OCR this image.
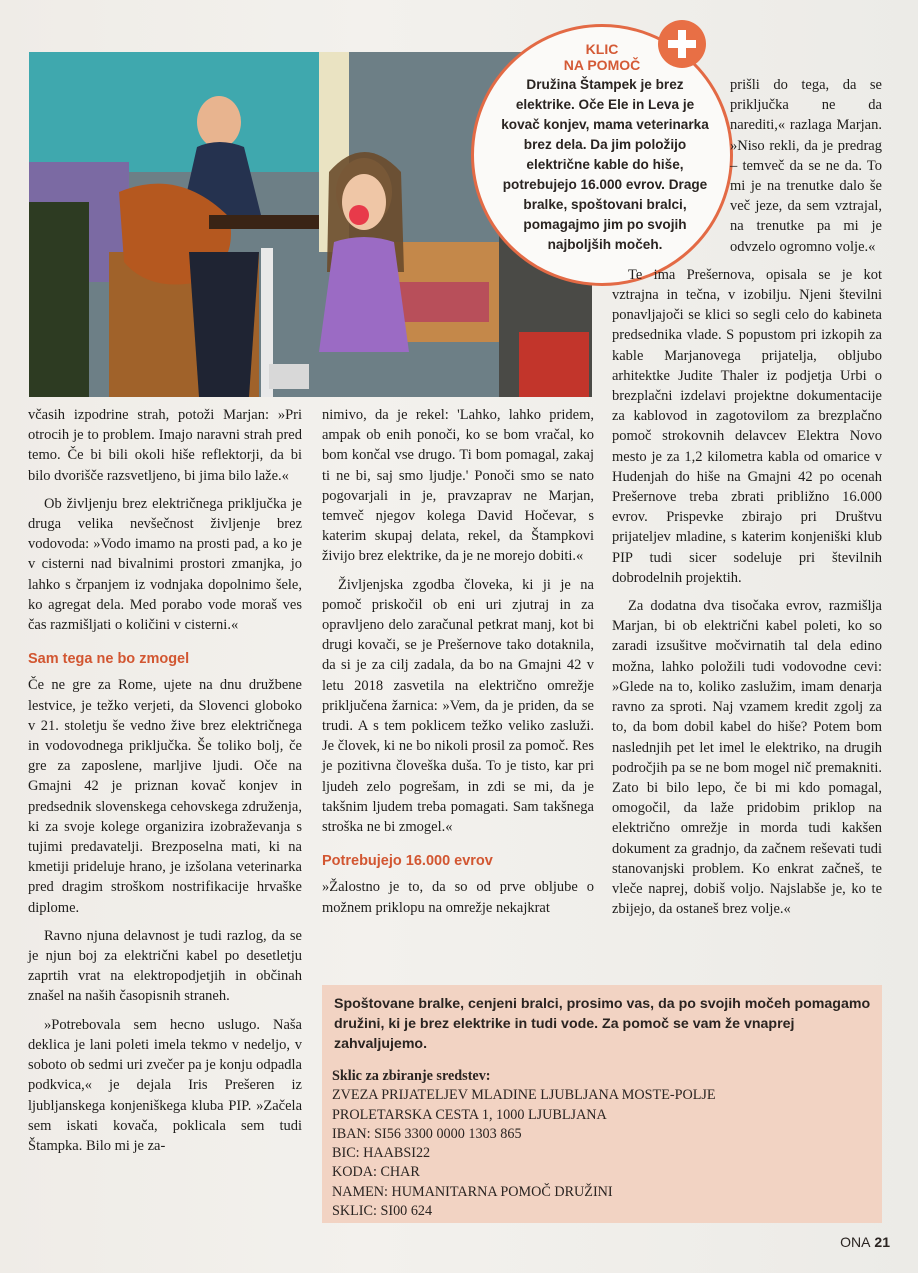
KLIC
NA POMOČ
Družina Štampek je brez elektrike. Oče Ele in Leva je kovač konjev, mama veterinarka brez dela. Da jim položijo električne kable do hiše, potrebujejo 16.000 evrov. Drage bralke, spoštovani bralci, pomagajmo jim po svojih najboljših močeh.

včasih izpodrine strah, potoži Marjan: »Pri otrocih je to problem. Imajo naravni strah pred temo. Če bi bili okoli hiše reflektorji, da bi bilo dvorišče razsvetljeno, bi jima bilo laže.«

Ob življenju brez električnega priključka je druga velika nevšečnost življenje brez vodovoda: »Vodo imamo na prosti pad, a ko je v cisterni nad bivalnimi prostori zmanjka, jo lahko s črpanjem iz vodnjaka dopolnimo šele, ko agregat dela. Med porabo vode moraš ves čas razmišljati o količini v cisterni.«

Sam tega ne bo zmogel

Če ne gre za Rome, ujete na dnu družbene lestvice, je težko verjeti, da Slovenci globoko v 21. stoletju še vedno žive brez električnega in vodovodnega priključka. Še toliko bolj, če gre za zaposlene, marljive ljudi. Oče na Gmajni 42 je priznan kovač konjev in predsednik slovenskega cehovskega združenja, ki za svoje kolege organizira izobraževanja s tujimi predavatelji. Brezposelna mati, ki na kmetiji prideluje hrano, je izšolana veterinarka pred dragim stroškom nostrifikacije hrvaške diplome.

Ravno njuna delavnost je tudi razlog, da se je njun boj za električni kabel po desetletju zaprtih vrat na elektropodjetjih in občinah znašel na naših časopisnih straneh.

»Potrebovala sem hecno uslugo. Naša deklica je lani poleti imela tekmo v nedeljo, v soboto ob sedmi uri zvečer pa je konju odpadla podkvica,« je dejala Iris Prešeren iz ljubljanskega konjeniškega kluba PIP. »Začela sem iskati kovača, poklicala sem tudi Štampka. Bilo mi je za-

nimivo, da je rekel: 'Lahko, lahko pridem, ampak ob enih ponoči, ko se bom vračal, ko bom končal vse drugo. Ti bom pomagal, zakaj ti ne bi, saj smo ljudje.' Ponoči smo se nato pogovarjali in je, pravzaprav ne Marjan, temveč njegov kolega David Hočevar, s katerim skupaj delata, rekel, da Štampkovi živijo brez elektrike, da je ne morejo dobiti.«

Življenjska zgodba človeka, ki ji je na pomoč priskočil ob eni uri zjutraj in za opravljeno delo zaračunal petkrat manj, kot bi drugi kovači, se je Prešernove tako dotaknila, da si je za cilj zadala, da bo na Gmajni 42 v letu 2018 zasvetila na električno omrežje priključena žarnica: »Vem, da je priden, da se trudi. A s tem poklicem težko veliko zasluži. Je človek, ki ne bo nikoli prosil za pomoč. Res je pozitivna človeška duša. To je tisto, kar pri ljudeh zelo pogrešam, in zdi se mi, da je takšnim ljudem treba pomagati. Sam takšnega stroška ne bi zmogel.«

Potrebujejo 16.000 evrov

»Žalostno je to, da so od prve obljube o možnem priklopu na omrežje nekajkrat

prišli do tega, da se priključka ne da narediti,« razlaga Marjan. »Niso rekli, da je predrag – temveč da se ne da. To mi je na trenutke dalo še več jeze, da sem vztrajal, na trenutke pa mi je odvzelo ogromno volje.«

Te ima Prešernova, opisala se je kot vztrajna in tečna, v izobilju. Njeni številni ponavljajoči se klici so segli celo do kabineta predsednika vlade. S popustom pri izkopih za kable Marjanovega prijatelja, obljubo arhitektke Judite Thaler iz podjetja Urbi o brezplačni izdelavi projektne dokumentacije za kablovod in zagotovilom za brezplačno pomoč strokovnih delavcev Elektra Novo mesto je za 1,2 kilometra kabla od omarice v Hudenjah do hiše na Gmajni 42 po ocenah Prešernove treba zbrati približno 16.000 evrov. Prispevke zbirajo pri Društvu prijateljev mladine, s katerim konjeniški klub PIP tudi sicer sodeluje pri številnih dobrodelnih projektih.

Za dodatna dva tisočaka evrov, razmišlja Marjan, bi ob električni kabel poleti, ko so zaradi izsušitve močvirnatih tal dela edino možna, lahko položili tudi vodovodne cevi: »Glede na to, koliko zaslužim, imam denarja ravno za sproti. Naj vzamem kredit zgolj za to, da bom dobil kabel do hiše? Potem bom naslednjih pet let imel le elektriko, na drugih področjih pa se ne bom mogel nič premakniti. Zato bi bilo lepo, če bi mi kdo pomagal, omogočil, da laže pridobim priklop na električno omrežje in morda tudi kakšen dokument za gradnjo, da začnem reševati tudi stanovanjski problem. Ko enkrat začneš, te vleče naprej, dobiš voljo. Najslabše je, ko te zbijejo, da ostaneš brez volje.«

Spoštovane bralke, cenjeni bralci, prosimo vas, da po svojih močeh pomagamo družini, ki je brez elektrike in tudi vode. Za pomoč se vam že vnaprej zahvaljujemo.
Sklic za zbiranje sredstev:
ZVEZA PRIJATELJEV MLADINE LJUBLJANA MOSTE-POLJE
PROLETARSKA CESTA 1, 1000 LJUBLJANA
IBAN: SI56 3300 0000 1303 865
BIC: HAABSI22
KODA: CHAR
NAMEN: HUMANITARNA POMOČ DRUŽINI
SKLIC: SI00 624
ONA 21
